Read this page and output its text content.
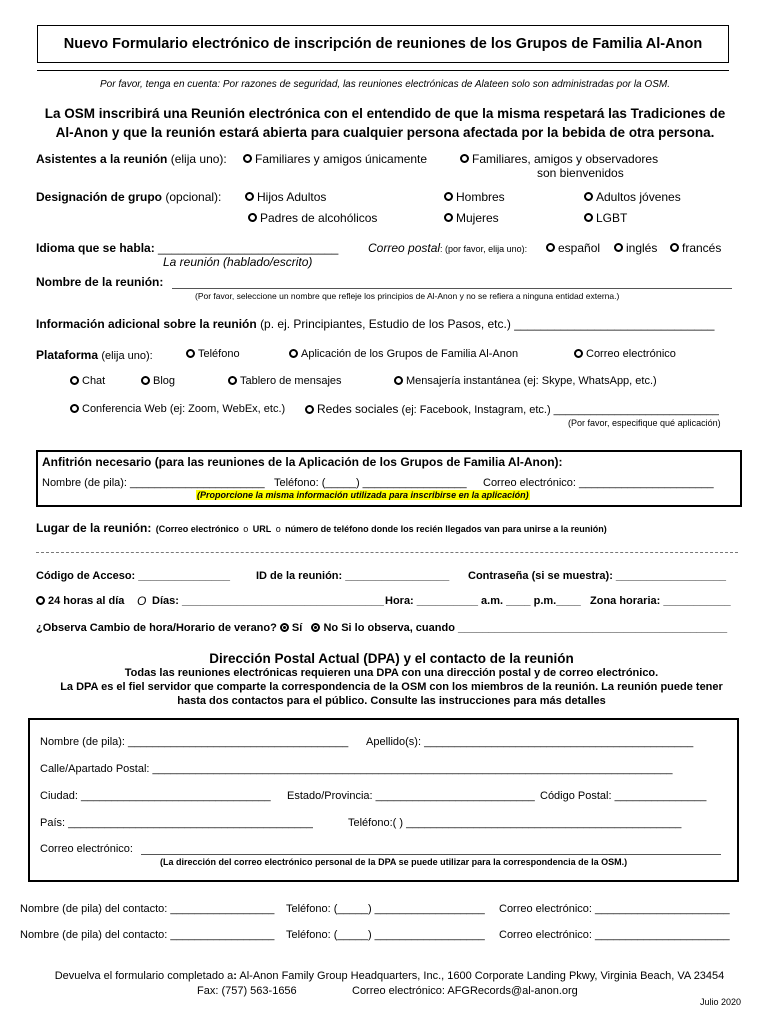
Nuevo Formulario electrónico de inscripción de reuniones de los Grupos de Familia Al-Anon
Por favor, tenga en cuenta: Por razones de seguridad, las reuniones electrónicas de Alateen solo son administradas por la OSM.
La OSM inscribirá una Reunión electrónica con el entendido de que la misma respetará las Tradiciones de
Al-Anon y que la reunión estará abierta para cualquier persona afectada por la bebida de otra persona.
Asistentes a la reunión (elija uno):	Familiares y amigos únicamente	Familiares, amigos y observadores
son bienvenidos
Designación de grupo (opcional):	Hijos Adultos	Hombres	Adultos jóvenes
Padres de alcohólicos	Mujeres	LGBT
Idioma que se habla: ___________________________
La reunión (hablado/escrito)
Correo postal: (por favor, elija uno):	español	inglés	francés
Nombre de la reunión:
(Por favor, seleccione un nombre que refleje los principios de Al-Anon y no se refiera a ninguna entidad externa.)
Información adicional sobre la reunión (p. ej. Principiantes, Estudio de los Pasos, etc.) ______________________________
Plataforma (elija uno):	Teléfono	Aplicación de los Grupos de Familia Al-Anon	Correo electrónico
Chat	Blog	Tablero de mensajes	Mensajería instantánea (ej: Skype, WhatsApp, etc.)
Conferencia Web (ej: Zoom, WebEx, etc.)	Redes sociales (ej: Facebook, Instagram, etc.) ___________________________
(Por favor, especifique qué aplicación)
Anfitrión necesario (para las reuniones de la Aplicación de los Grupos de Familia Al-Anon):
Nombre (de pila): ______________________ Teléfono: (_____) _________________ Correo electrónico: ______________________
(Proporcione la misma información utilizada para inscribirse en la aplicación)
Lugar de la reunión: (Correo electrónico o URL o número de teléfono donde los recién llegados van para unirse a la reunión)
Código de Acceso: _______________ ID de la reunión: _________________ Contraseña (si se muestra): __________________
24 horas al día O Días: _________________________________ Hora: __________ a.m. ____ p.m.____ Zona horaria: ___________
¿Observa Cambio de hora/Horario de verano? Sí No Si lo observa, cuando ____________________________________________
Dirección Postal Actual (DPA) y el contacto de la reunión
Todas las reuniones electrónicas requieren una DPA con una dirección postal y de correo electrónico.
La DPA es el fiel servidor que comparte la correspondencia de la OSM con los miembros de la reunión. La reunión puede tener
hasta dos contactos para el público. Consulte las instrucciones para más detalles
Nombre (de pila): ____________________________________ Apellido(s): ____________________________________________
Calle/Apartado Postal: _____________________________________________________________________________________
Ciudad: _______________________________ Estado/Provincia: __________________________ Código Postal: _______________
País: ________________________________________	Teléfono:( ) _____________________________________________
Correo electrónico:
(La dirección del correo electrónico personal de la DPA se puede utilizar para la correspondencia de la OSM.)
Nombre (de pila) del contacto: _________________ Teléfono: (_____) __________________ Correo electrónico: ______________________
Nombre (de pila) del contacto: _________________ Teléfono: (_____) __________________ Correo electrónico: ______________________
Devuelva el formulario completado a: Al-Anon Family Group Headquarters, Inc., 1600 Corporate Landing Pkwy, Virginia Beach, VA 23454
Fax: (757) 563-1656	Correo electrónico: AFGRecords@al-anon.org
Julio 2020
